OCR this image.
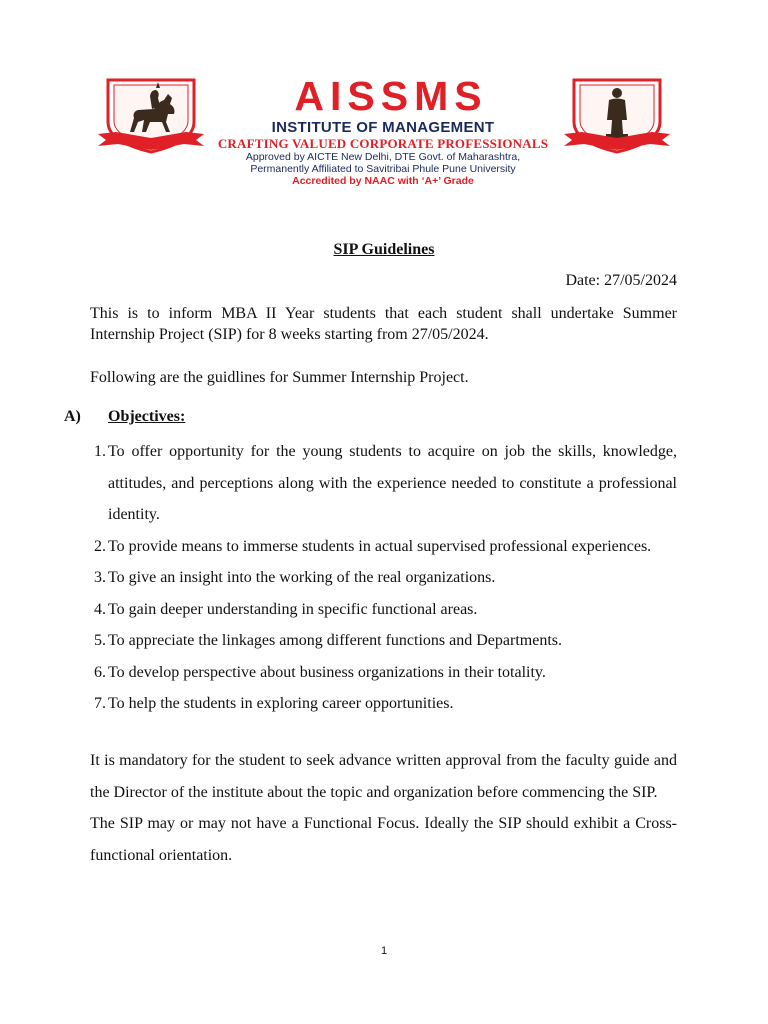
AISSMS
INSTITUTE OF MANAGEMENT
CRAFTING VALUED CORPORATE PROFESSIONALS
Approved by AICTE New Delhi, DTE Govt. of Maharashtra,
Permanently Affiliated to Savitribai Phule Pune University
Accredited by NAAC with ‘A+’ Grade
SIP Guidelines
Date: 27/05/2024
This is to inform MBA II Year students that each student shall undertake Summer Internship Project (SIP) for 8 weeks starting from 27/05/2024.
Following are the guidlines for Summer Internship Project.
A) Objectives:
1. To offer opportunity for the young students to acquire on job the skills, knowledge, attitudes, and perceptions along with the experience needed to constitute a professional identity.
2. To provide means to immerse students in actual supervised professional experiences.
3. To give an insight into the working of the real organizations.
4. To gain deeper understanding in specific functional areas.
5. To appreciate the linkages among different functions and Departments.
6. To develop perspective about business organizations in their totality.
7. To help the students in exploring career opportunities.

It is mandatory for the student to seek advance written approval from the faculty guide and the Director of the institute about the topic and organization before commencing the SIP.

The SIP may or may not have a Functional Focus. Ideally the SIP should exhibit a Cross-functional orientation.

1
